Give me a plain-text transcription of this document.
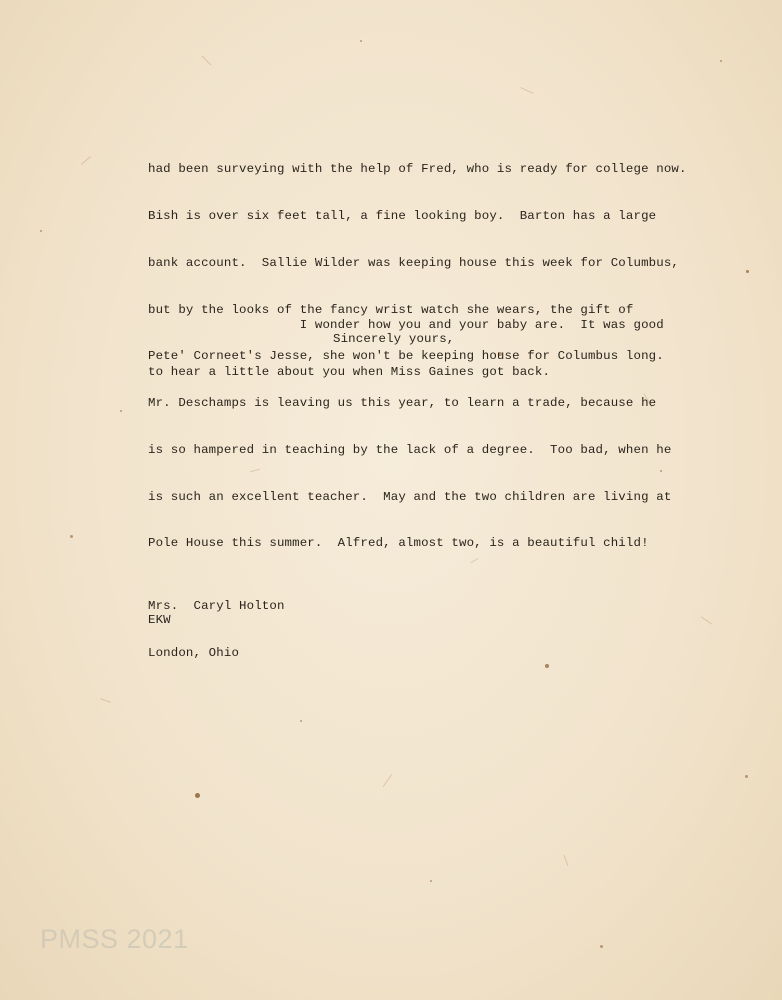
had been surveying with the help of Fred, who is ready for college now.

Bish is over six feet tall, a fine looking boy.  Barton has a large

bank account.  Sallie Wilder was keeping house this week for Columbus,

but by the looks of the fancy wrist watch she wears, the gift of

Pete' Corneet's Jesse, she won't be keeping house for Columbus long.

Mr. Deschamps is leaving us this year, to learn a trade, because he

is so hampered in teaching by the lack of a degree.  Too bad, when he

is such an excellent teacher.  May and the two children are living at

Pole House this summer.  Alfred, almost two, is a beautiful child!

I wonder how you and your baby are.  It was good

to hear a little about you when Miss Gaines got back.

Sincerely yours,

Mrs.  Caryl Holton

London, Ohio

EKW
PMSS 2021
